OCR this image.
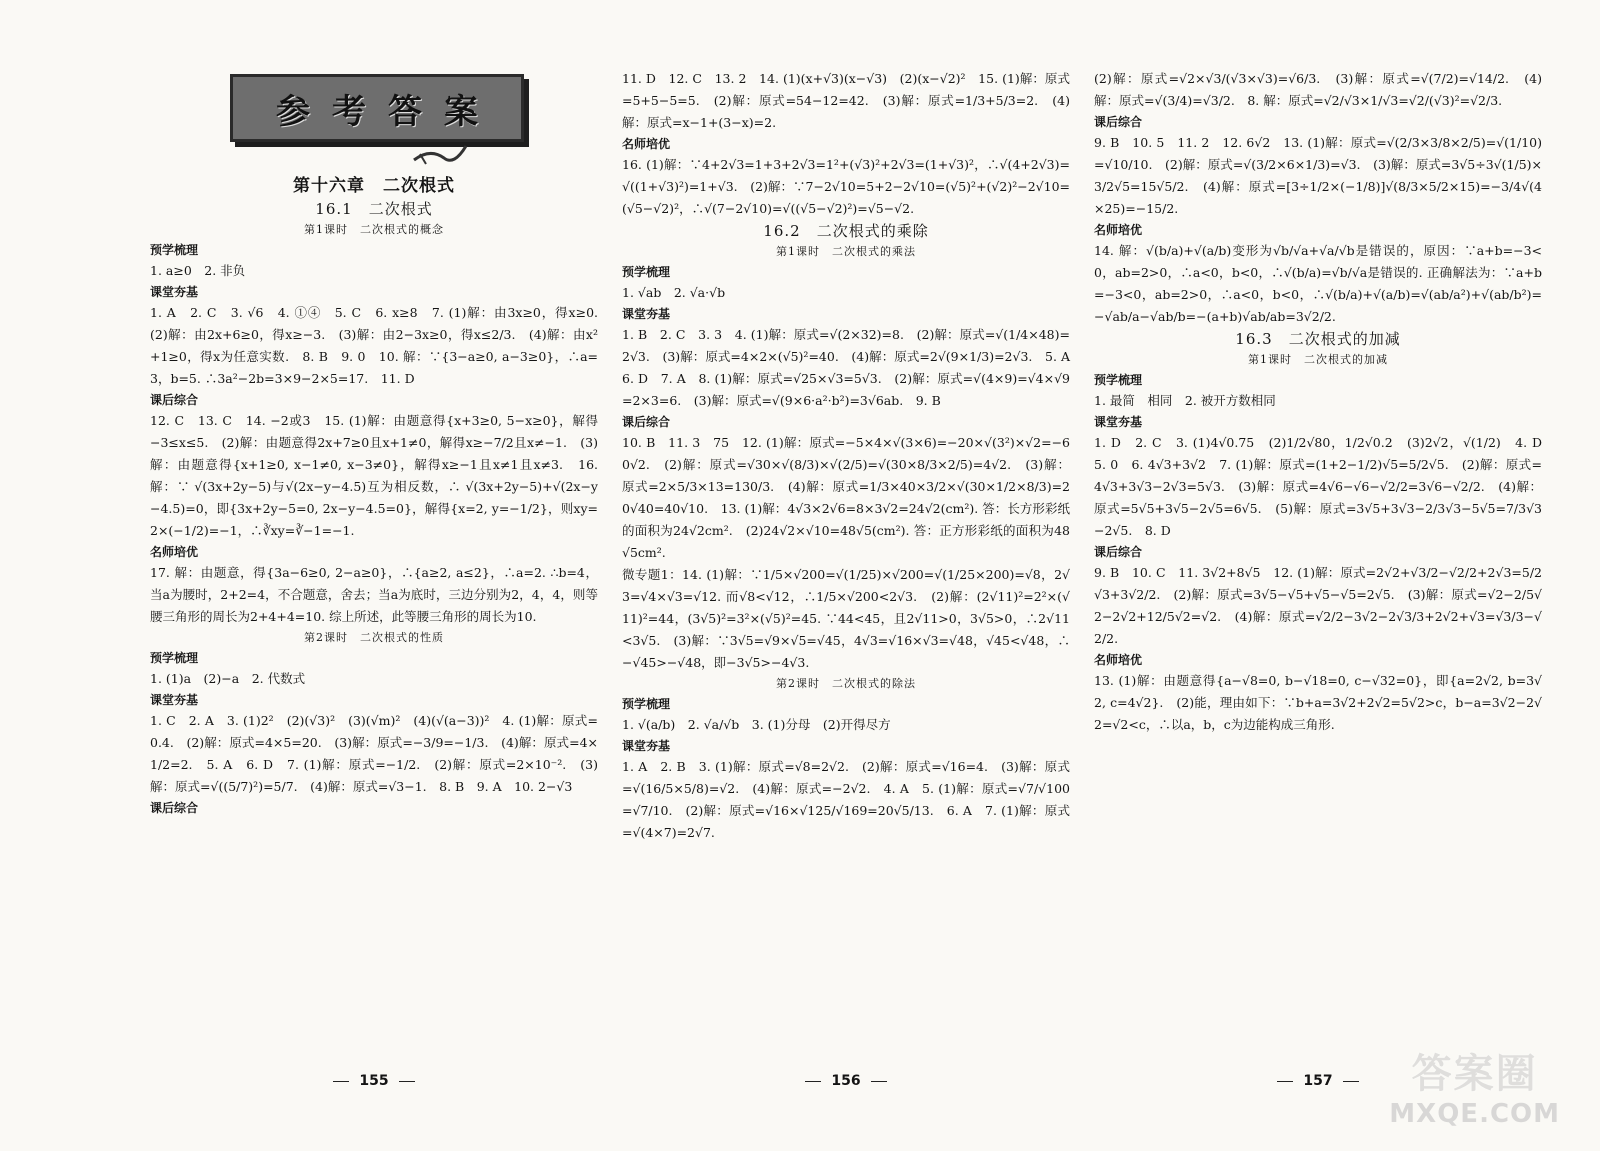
参考答案
第十六章　二次根式
16.1　二次根式
第1课时　二次根式的概念
预学梳理
1. a≥0　2. 非负
课堂夯基
1. A　2. C　3. √6　4. ①④　5. C　6. x≥8　7. (1)解：由3x≥0，得x≥0.　(2)解：由2x+6≥0，得x≥−3.　(3)解：由2−3x≥0，得x≤2/3.　(4)解：由x²+1≥0，得x为任意实数.　8. B　9. 0　10. 解：∵{3−a≥0, a−3≥0}，∴a=3，b=5. ∴3a²−2b=3×9−2×5=17.　11. D
课后综合
12. C　13. C　14. −2或3　15. (1)解：由题意得{x+3≥0, 5−x≥0}，解得−3≤x≤5.　(2)解：由题意得2x+7≥0且x+1≠0，解得x≥−7/2且x≠−1.　(3)解：由题意得{x+1≥0, x−1≠0, x−3≠0}，解得x≥−1且x≠1且x≠3.　16. 解：∵ √(3x+2y−5)与√(2x−y−4.5)互为相反数，∴ √(3x+2y−5)+√(2x−y−4.5)=0，即{3x+2y−5=0, 2x−y−4.5=0}，解得{x=2, y=−1/2}，则xy=2×(−1/2)=−1，∴∛xy=∛−1=−1.
名师培优
17. 解：由题意，得{3a−6≥0, 2−a≥0}，∴{a≥2, a≤2}，∴a=2. ∴b=4，当a为腰时，2+2=4，不合题意，舍去；当a为底时，三边分别为2，4，4，则等腰三角形的周长为2+4+4=10. 综上所述，此等腰三角形的周长为10.
第2课时　二次根式的性质
预学梳理
1. (1)a　(2)−a　2. 代数式
课堂夯基
1. C　2. A　3. (1)2²　(2)(√3)²　(3)(√m)²　(4)(√(a−3))²　4. (1)解：原式=0.4.　(2)解：原式=4×5=20.　(3)解：原式=−3/9=−1/3.　(4)解：原式=4×1/2=2.　5. A　6. D　7. (1)解：原式=−1/2.　(2)解：原式=2×10⁻².　(3)解：原式=√((5/7)²)=5/7.　(4)解：原式=√3−1.　8. B　9. A　10. 2−√3
课后综合
155
11. D　12. C　13. 2　14. (1)(x+√3)(x−√3)　(2)(x−√2)²　15. (1)解：原式=5+5−5=5.　(2)解：原式=54−12=42.　(3)解：原式=1/3+5/3=2.　(4)解：原式=x−1+(3−x)=2.
名师培优
16. (1)解：∵4+2√3=1+3+2√3=1²+(√3)²+2√3=(1+√3)²，∴√(4+2√3)=√((1+√3)²)=1+√3.　(2)解：∵7−2√10=5+2−2√10=(√5)²+(√2)²−2√10=(√5−√2)²，∴√(7−2√10)=√((√5−√2)²)=√5−√2.
16.2　二次根式的乘除
第1课时　二次根式的乘法
预学梳理
1. √ab　2. √a·√b
课堂夯基
1. B　2. C　3. 3　4. (1)解：原式=√(2×32)=8.　(2)解：原式=√(1/4×48)=2√3.　(3)解：原式=4×2×(√5)²=40.　(4)解：原式=2√(9×1/3)=2√3.　5. A　6. D　7. A　8. (1)解：原式=√25×√3=5√3.　(2)解：原式=√(4×9)=√4×√9=2×3=6.　(3)解：原式=√(9×6·a²·b²)=3√6ab.　9. B
课后综合
10. B　11. 3　75　12. (1)解：原式=−5×4×√(3×6)=−20×√(3²)×√2=−60√2.　(2)解：原式=√30×√(8/3)×√(2/5)=√(30×8/3×2/5)=4√2.　(3)解：原式=2×5/3×13=130/3.　(4)解：原式=1/3×40×3/2×√(30×1/2×8/3)=20√40=40√10.　13. (1)解：4√3×2√6=8×3√2=24√2(cm²). 答：长方形彩纸的面积为24√2cm².　(2)24√2×√10=48√5(cm²). 答：正方形彩纸的面积为48√5cm².
微专题1：14. (1)解：∵1/5×√200=√(1/25)×√200=√(1/25×200)=√8，2√3=√4×√3=√12. 而√8<√12，∴1/5×√200<2√3.　(2)解：(2√11)²=2²×(√11)²=44，(3√5)²=3²×(√5)²=45. ∵44<45，且2√11>0，3√5>0，∴2√11<3√5.　(3)解：∵3√5=√9×√5=√45，4√3=√16×√3=√48，√45<√48，∴−√45>−√48，即−3√5>−4√3.
第2课时　二次根式的除法
预学梳理
1. √(a/b)　2. √a/√b　3. (1)分母　(2)开得尽方
课堂夯基
1. A　2. B　3. (1)解：原式=√8=2√2.　(2)解：原式=√16=4.　(3)解：原式=√(16/5×5/8)=√2.　(4)解：原式=−2√2.　4. A　5. (1)解：原式=√7/√100=√7/10.　(2)解：原式=√16×√125/√169=20√5/13.　6. A　7. (1)解：原式=√(4×7)=2√7.
156
(2)解：原式=√2×√3/(√3×√3)=√6/3.　(3)解：原式=√(7/2)=√14/2.　(4)解：原式=√(3/4)=√3/2.　8. 解：原式=√2/√3×1/√3=√2/(√3)²=√2/3.
课后综合
9. B　10. 5　11. 2　12. 6√2　13. (1)解：原式=√(2/3×3/8×2/5)=√(1/10)=√10/10.　(2)解：原式=√(3/2×6×1/3)=√3.　(3)解：原式=3√5÷3√(1/5)×3/2√5=15√5/2.　(4)解：原式=[3÷1/2×(−1/8)]√(8/3×5/2×15)=−3/4√(4×25)=−15/2.
名师培优
14. 解：√(b/a)+√(a/b)变形为√b/√a+√a/√b是错误的，原因：∵a+b=−3<0，ab=2>0，∴a<0，b<0，∴√(b/a)=√b/√a是错误的. 正确解法为：∵a+b=−3<0，ab=2>0，∴a<0，b<0，∴√(b/a)+√(a/b)=√(ab/a²)+√(ab/b²)=−√ab/a−√ab/b=−(a+b)√ab/ab=3√2/2.
16.3　二次根式的加减
第1课时　二次根式的加减
预学梳理
1. 最简　相同　2. 被开方数相同
课堂夯基
1. D　2. C　3. (1)4√0.75　(2)1/2√80，1/2√0.2　(3)2√2，√(1/2)　4. D　5. 0　6. 4√3+3√2　7. (1)解：原式=(1+2−1/2)√5=5/2√5.　(2)解：原式=4√3+3√3−2√3=5√3.　(3)解：原式=4√6−√6−√2/2=3√6−√2/2.　(4)解：原式=5√5+3√5−2√5=6√5.　(5)解：原式=3√5+3√3−2/3√3−5√5=7/3√3−2√5.　8. D
课后综合
9. B　10. C　11. 3√2+8√5　12. (1)解：原式=2√2+√3/2−√2/2+2√3=5/2√3+3√2/2.　(2)解：原式=3√5−√5+√5−√5=2√5.　(3)解：原式=√2−2/5√2−2√2+12/5√2=√2.　(4)解：原式=√2/2−3√2−2√3/3+2√2+√3=√3/3−√2/2.
名师培优
13. (1)解：由题意得{a−√8=0, b−√18=0, c−√32=0}，即{a=2√2, b=3√2, c=4√2}.　(2)能，理由如下：∵b+a=3√2+2√2=5√2>c，b−a=3√2−2√2=√2<c，∴以a，b，c为边能构成三角形.
157	答案圈
MXQE.COM
